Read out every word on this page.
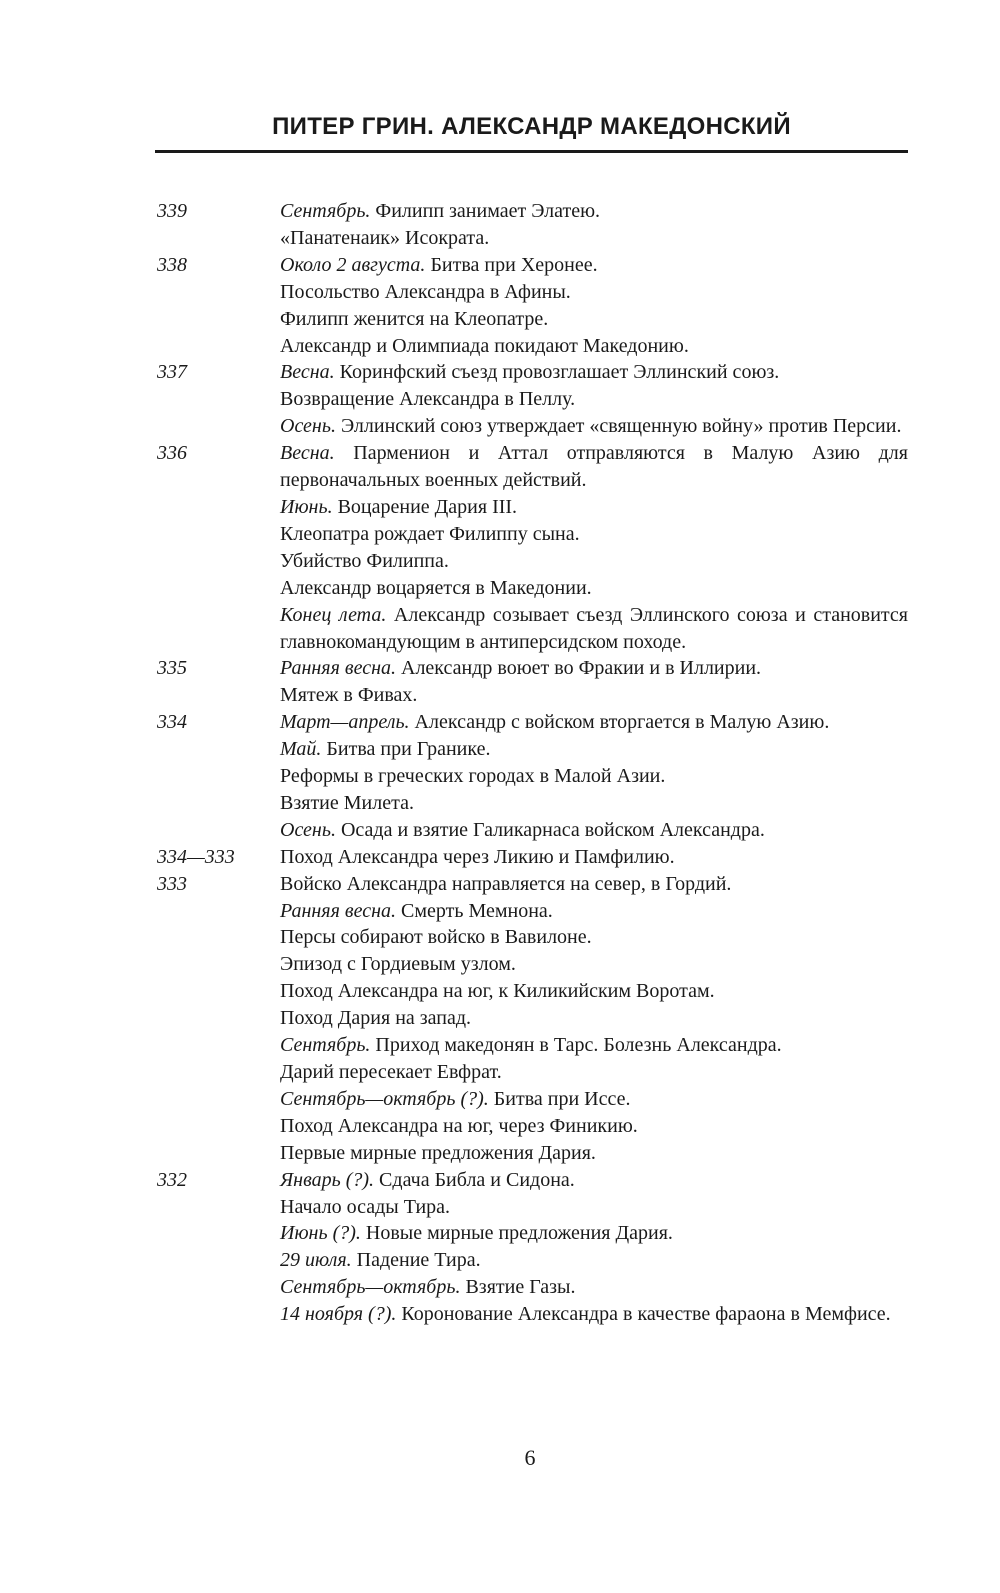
ПИТЕР ГРИН. АЛЕКСАНДР МАКЕДОНСКИЙ
339	Сентябрь. Филипп занимает Элатею.
«Панатенаик» Исократа.
338	Около 2 августа. Битва при Херонее.
Посольство Александра в Афины.
Филипп женится на Клеопатре.
Александр и Олимпиада покидают Македонию.
337	Весна. Коринфский съезд провозглашает Эллинский союз.
Возвращение Александра в Пеллу.
Осень. Эллинский союз утверждает «священную войну» против Персии.
336	Весна. Парменион и Аттал отправляются в Малую Азию для первоначальных военных действий.
Июнь. Воцарение Дария III.
Клеопатра рождает Филиппу сына.
Убийство Филиппа.
Александр воцаряется в Македонии.
Конец лета. Александр созывает съезд Эллинского союза и становится главнокомандующим в антиперсидском походе.
335	Ранняя весна. Александр воюет во Фракии и в Иллирии.
Мятеж в Фивах.
334	Март—апрель. Александр с войском вторгается в Малую Азию.
Май. Битва при Гранике.
Реформы в греческих городах в Малой Азии.
Взятие Милета.
Осень. Осада и взятие Галикарнаса войском Александра.
334—333	Поход Александра через Ликию и Памфилию.
333	Войско Александра направляется на север, в Гордий.
Ранняя весна. Смерть Мемнона.
Персы собирают войско в Вавилоне.
Эпизод с Гордиевым узлом.
Поход Александра на юг, к Киликийским Воротам.
Поход Дария на запад.
Сентябрь. Приход македонян в Тарс. Болезнь Александра.
Дарий пересекает Евфрат.
Сентябрь—октябрь (?). Битва при Иссе.
Поход Александра на юг, через Финикию.
Первые мирные предложения Дария.
332	Январь (?). Сдача Библа и Сидона.
Начало осады Тира.
Июнь (?). Новые мирные предложения Дария.
29 июля. Падение Тира.
Сентябрь—октябрь. Взятие Газы.
14 ноября (?). Коронование Александра в качестве фараона в Мемфисе.
6
